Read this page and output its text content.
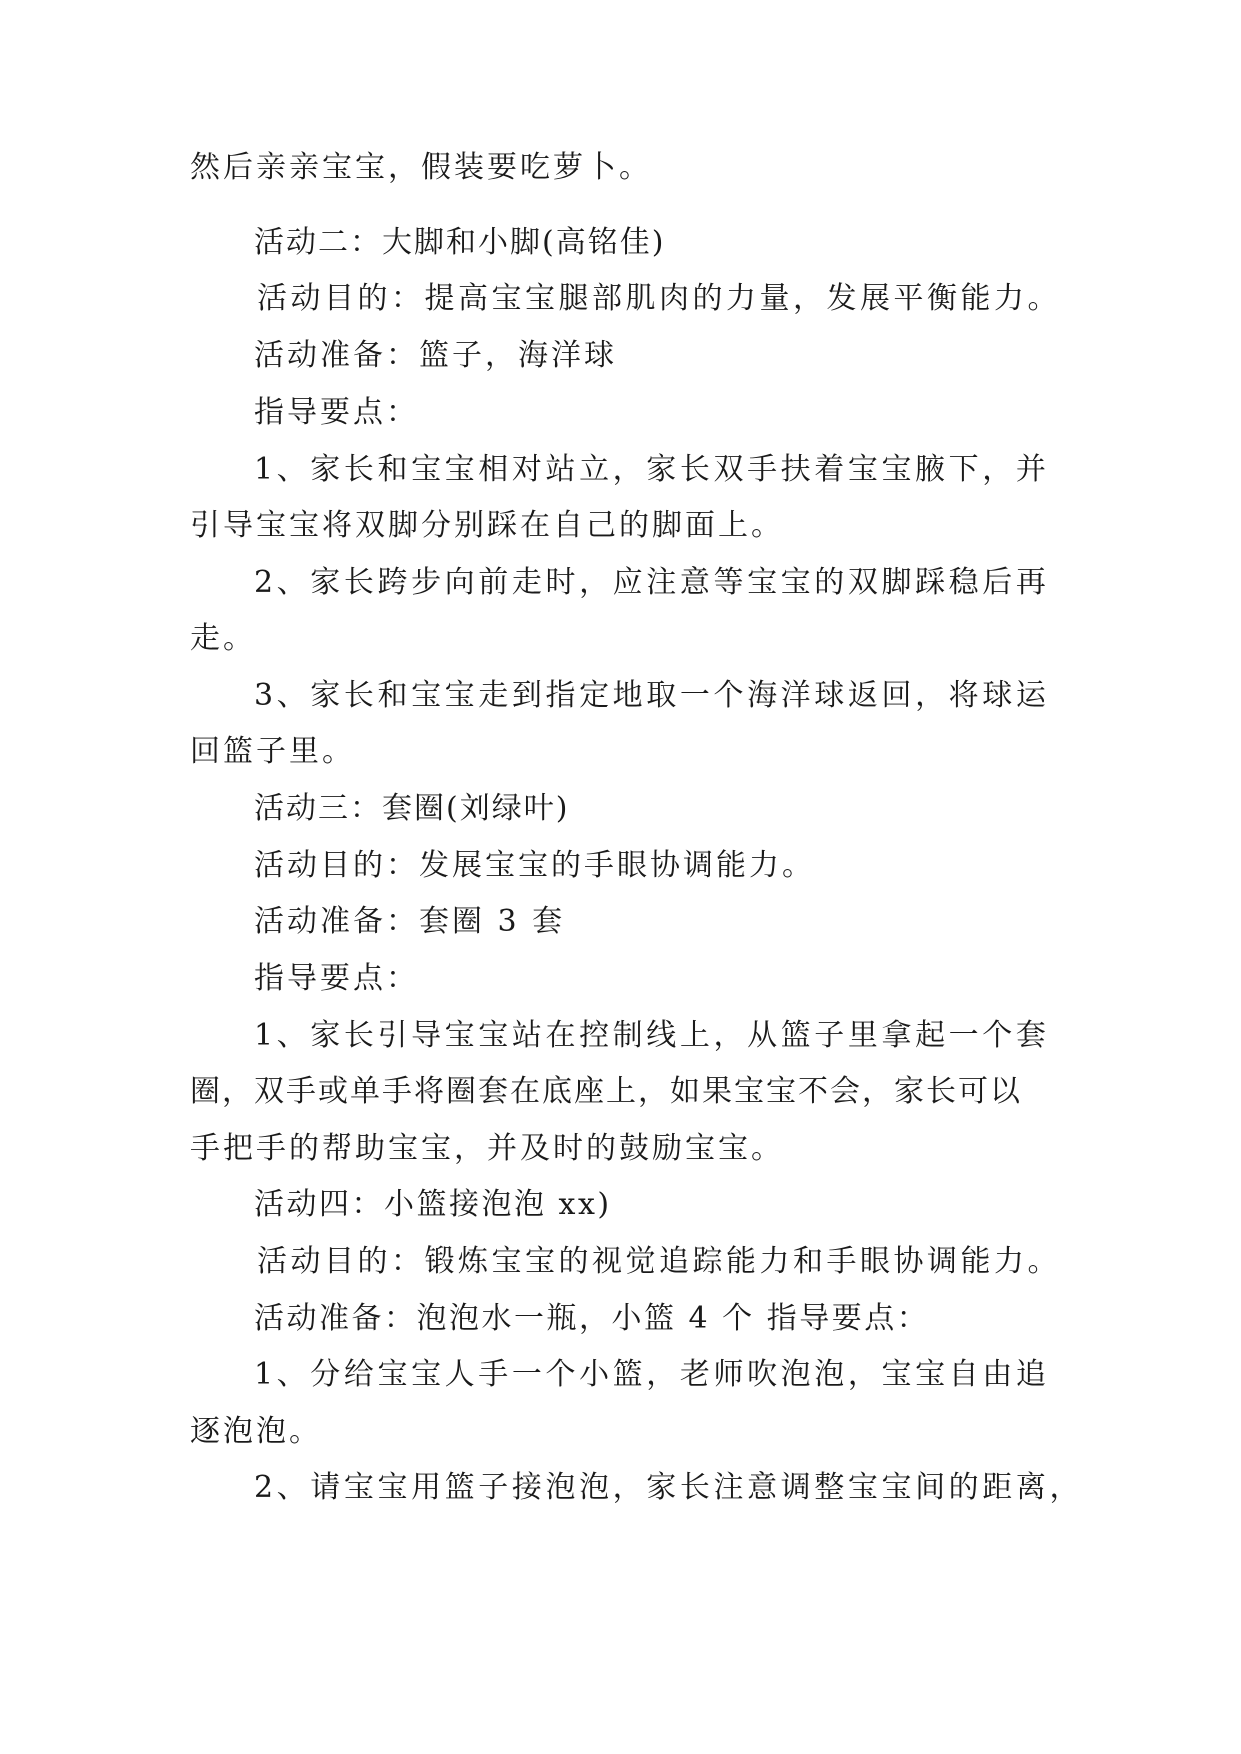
然后亲亲宝宝，假装要吃萝卜。
活动二：大脚和小脚(高铭佳)
活动目的：提高宝宝腿部肌肉的力量，发展平衡能力。
活动准备：篮子，海洋球
指导要点：
1、家长和宝宝相对站立，家长双手扶着宝宝腋下，并
引导宝宝将双脚分别踩在自己的脚面上。
2、家长跨步向前走时，应注意等宝宝的双脚踩稳后再
走。
3、家长和宝宝走到指定地取一个海洋球返回，将球运
回篮子里。
活动三：套圈(刘绿叶)
活动目的：发展宝宝的手眼协调能力。
活动准备：套圈 3 套
指导要点：
1、家长引导宝宝站在控制线上，从篮子里拿起一个套
圈，双手或单手将圈套在底座上，如果宝宝不会，家长可以
手把手的帮助宝宝，并及时的鼓励宝宝。
活动四：小篮接泡泡 xx)
活动目的：锻炼宝宝的视觉追踪能力和手眼协调能力。
活动准备：泡泡水一瓶，小篮 4 个 指导要点：
1、分给宝宝人手一个小篮，老师吹泡泡，宝宝自由追
逐泡泡。
2、请宝宝用篮子接泡泡，家长注意调整宝宝间的距离，
